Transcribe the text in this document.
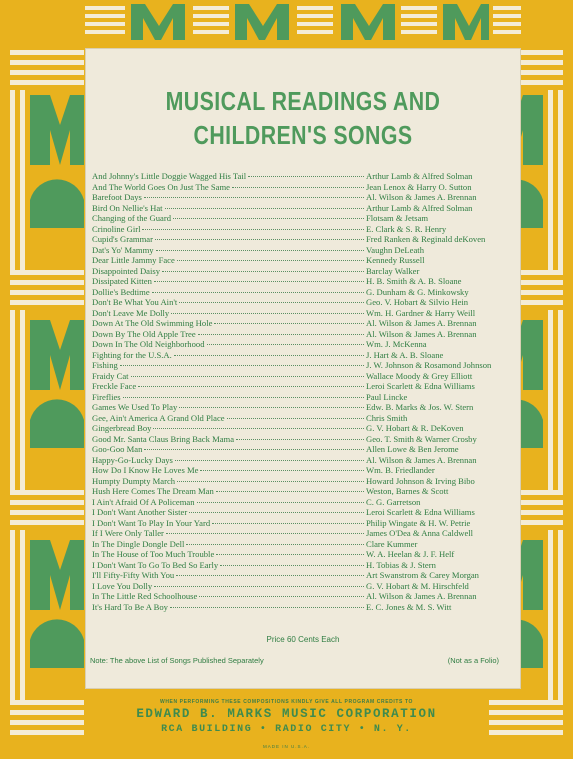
MUSICAL READINGS AND
CHILDREN'S SONGS
And Johnny's Little Doggie Wagged His Tail	Arthur Lamb & Alfred Solman
And The World Goes On Just The Same	Jean Lenox & Harry O. Sutton
Barefoot Days	Al. Wilson & James A. Brennan
Bird On Nellie's Hat	Arthur Lamb & Alfred Solman
Changing of the Guard	Flotsam & Jetsam
Crinoline Girl	E. Clark & S. R. Henry
Cupid's Grammar	Fred Ranken & Reginald deKoven
Dat's Yo' Mammy	Vaughn DeLeath
Dear Little Jammy Face	Kennedy Russell
Disappointed Daisy	Barclay Walker
Dissipated Kitten	H. B. Smith & A. B. Sloane
Dollie's Bedtime	G. Dunham & G. Minkowsky
Don't Be What You Ain't	Geo. V. Hobart & Silvio Hein
Don't Leave Me Dolly	Wm. H. Gardner & Harry Weill
Down At The Old Swimming Hole	Al. Wilson & James A. Brennan
Down By The Old Apple Tree	Al. Wilson & James A. Brennan
Down In The Old Neighborhood	Wm. J. McKenna
Fighting for the U.S.A.	J. Hart & A. B. Sloane
Fishing	J. W. Johnson & Rosamond Johnson
Fraidy Cat	Wallace Moody & Grey Elliott
Freckle Face	Leroi Scarlett & Edna Williams
Fireflies	Paul Lincke
Games We Used To Play	Edw. B. Marks & Jos. W. Stern
Gee, Ain't America A Grand Old Place	Chris Smith
Gingerbread Boy	G. V. Hobart & R. DeKoven
Good Mr. Santa Claus Bring Back Mama	Geo. T. Smith & Warner Crosby
Goo-Goo Man	Allen Lowe & Ben Jerome
Happy-Go-Lucky Days	Al. Wilson & James A. Brennan
How Do I Know He Loves Me	Wm. B. Friedlander
Humpty Dumpty March	Howard Johnson & Irving Bibo
Hush Here Comes The Dream Man	Weston, Barnes & Scott
I Ain't Afraid Of A Policeman	C. G. Garretson
I Don't Want Another Sister	Leroi Scarlett & Edna Williams
I Don't Want To Play In Your Yard	Philip Wingate & H. W. Petrie
If I Were Only Taller	James O'Dea & Anna Caldwell
In The Dingle Dongle Dell	Clare Kummer
In The House of Too Much Trouble	W. A. Heelan & J. F. Helf
I Don't Want To Go To Bed So Early	H. Tobias & J. Stern
I'll Fifty-Fifty With You	Art Swanstrom & Carey Morgan
I Love You Dolly	G. V. Hobart & M. Hirschfeld
In The Little Red Schoolhouse	Al. Wilson & James A. Brennan
It's Hard To Be A Boy	E. C. Jones & M. S. Witt
Price 60 Cents Each
Note: The above List of Songs Published Separately	(Not as a Folio)
WHEN PERFORMING THESE COMPOSITIONS KINDLY GIVE ALL PROGRAM CREDITS TO
EDWARD B. MARKS MUSIC CORPORATION
RCA BUILDING • RADIO CITY • N. Y.
MADE IN U.S.A.
